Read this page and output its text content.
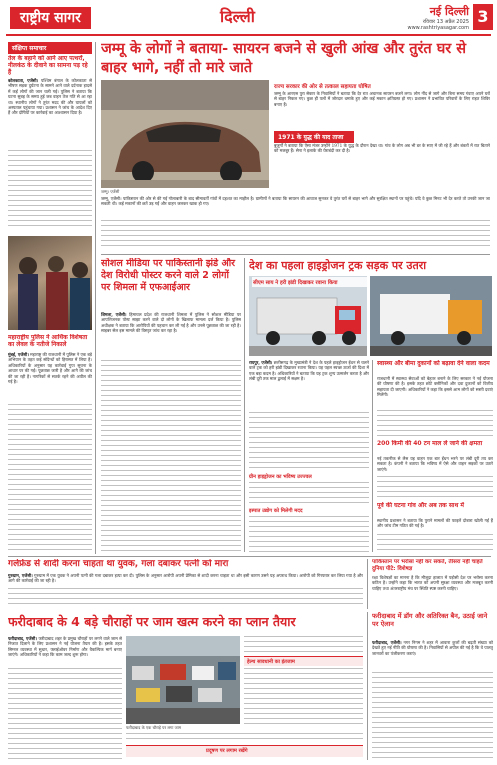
राष्ट्रीय सागर	दिल्ली	नई दिल्ली
रविवार 13 अप्रैल 2025
www.rashtriyasagar.com
3
संक्षिप्त समाचार
तेल के बहाने को आने आए पत्थरों, नीलकंठ के दीवाने का सामना पड़ रहे हैं
कोलकाता, एजेंसी। पश्चिम बंगाल के कोलकाता से भीषण सड़क दुर्घटना के सामने आने वाले दर्दनाक हादसे में कई लोगों की जान चली गई। पुलिस ने बताया कि घटना सुबह के समय हुई जब वाहन तेज गति से आ रहा था। स्थानीय लोगों ने तुरंत मदद की और घायलों को अस्पताल पहुंचाया गया। प्रशासन ने जांच के आदेश दिए हैं और दोषियों पर कार्रवाई का आश्वासन दिया है।
महाराष्ट्रीय पुलिस ने आर्थिक विशेषता का लेवल के नतीजे निकाले
मुंबई, एजेंसी। महाराष्ट्र की राजधानी में पुलिस ने एक बड़े अभियान के तहत कई संदिग्धों को हिरासत में लिया है। अधिकारियों के अनुसार यह कार्रवाई गुप्त सूचना के आधार पर की गई। पूछताछ जारी है और आगे की जांच की जा रही है। नागरिकों से सतर्क रहने की अपील की गई है।
जम्मू के लोगों ने बताया- सायरन बजने से खुली आंख और तुरंत घर से बाहर भागे, नहीं तो मारे जाते
जम्मू। एजेंसी
राज्य सरकार की ओर से तत्काल सहायता घोषित
जम्मू के आरएस पुरा सेक्टर के निवासियों ने बताया कि देर रात अचानक सायरन बजने लगा। लोग नींद से जागे और बिना समय गंवाए अपने घरों से बाहर निकल गए। कुछ ही पलों में जोरदार धमाके हुए और कई मकान क्षतिग्रस्त हो गए। प्रशासन ने प्रभावित परिवारों के लिए राहत शिविर बनाए हैं।
1971 के युद्ध की याद ताजा
बुजुर्गों ने बताया कि ऐसा मंजर उन्होंने 1971 के युद्ध के दौरान देखा था। गांव के लोग अब भी डर के साए में जी रहे हैं और बंकरों में रात बिताने को मजबूर हैं। सेना ने इलाके की घेराबंदी कर दी है।
जम्मू, एजेंसी। पाकिस्तान की ओर से की गई गोलाबारी के बाद सीमावर्ती गांवों में दहशत का माहौल है। ग्रामीणों ने बताया कि सायरन की आवाज सुनकर वे तुरंत घरों से बाहर भागे और सुरक्षित स्थानों पर पहुंचे। यदि वे कुछ मिनट भी देर करते तो उनकी जान जा सकती थी। कई मकानों की छतें उड़ गईं और वाहन जलकर खाक हो गए।
सोशल मीडिया पर पाकिस्तानी झंडे और देश विरोधी पोस्टर करने वाले 2 लोगों पर शिमला में एफआईआर
शिमला, एजेंसी। हिमाचल प्रदेश की राजधानी शिमला में पुलिस ने सोशल मीडिया पर आपत्तिजनक पोस्ट साझा करने वाले दो लोगों के खिलाफ मामला दर्ज किया है। पुलिस अधीक्षक ने बताया कि आरोपियों की पहचान कर ली गई है और उनसे पूछताछ की जा रही है। साइबर सेल इस मामले की विस्तृत जांच कर रहा है।
देश का पहला हाइड्रोजन ट्रक सड़क पर उतरा
रायपुर, एजेंसी। छत्तीसगढ़ के मुख्यमंत्री ने देश के पहले हाइड्रोजन ईंधन से चलने वाले ट्रक को हरी झंडी दिखाकर रवाना किया। यह पहल स्वच्छ ऊर्जा की दिशा में एक बड़ा कदम है। अधिकारियों ने बताया कि यह ट्रक शून्य उत्सर्जन करता है और लंबी दूरी तक माल ढुलाई में सक्षम है।
ग्रीन हाइड्रोजन का भविष्य उज्ज्वल
इस्पात उद्योग को मिलेगी मदद
स्वास्थ्य और बीमा दुकानों को बढ़ावा देने वाला कदम
राजधानी में स्वास्थ्य सेवाओं को बेहतर बनाने के लिए सरकार ने नई योजना की घोषणा की है। इसके तहत छोटे क्लीनिकों और दवा दुकानों को वित्तीय सहायता दी जाएगी। अधिकारियों ने कहा कि इससे आम लोगों को सस्ती दवाएं मिलेंगी।
200 किमी की 40 टन माल ले जाने की क्षमता
नई तकनीक से लैस यह वाहन एक बार ईंधन भरने पर लंबी दूरी तय कर सकता है। कंपनी ने बताया कि भविष्य में ऐसे और वाहन सड़कों पर उतारे जाएंगे।
पूर्व की घटना गांव और अब तक साथ में
स्थानीय प्रशासन ने बताया कि पुराने मामलों की फाइलें दोबारा खोली गई हैं और जांच टीम गठित की गई है।
गर्लफ्रेंड से शादी करना चाहता था युवक, गला दबाकर पत्नी को मारा
गुरुग्राम, एजेंसी। गुरुग्राम में एक युवक ने अपनी पत्नी की गला दबाकर हत्या कर दी। पुलिस के अनुसार आरोपी अपनी प्रेमिका से शादी करना चाहता था और इसी कारण उसने यह अपराध किया। आरोपी को गिरफ्तार कर लिया गया है और आगे की कार्रवाई की जा रही है।
पाकिस्तान पर भरोसा नहीं कर सकते, तीसरा नहीं चाहते दुनिया पीटे: विशेषज्ञ
रक्षा विशेषज्ञों का मानना है कि मौजूदा हालात में पड़ोसी देश पर भरोसा करना कठिन है। उन्होंने कहा कि भारत को अपनी सुरक्षा व्यवस्था और मजबूत करनी चाहिए तथा अंतरराष्ट्रीय मंच पर स्थिति स्पष्ट करनी चाहिए।
फरीदाबाद के 4 बड़े चौराहों पर जाम खत्म करने का प्लान तैयार
फरीदाबाद, एजेंसी। फरीदाबाद शहर के प्रमुख चौराहों पर लगने वाले जाम से निजात दिलाने के लिए प्रशासन ने नई योजना तैयार की है। इसके तहत सिग्नल व्यवस्था में सुधार, फ्लाईओवर निर्माण और वैकल्पिक मार्ग बनाए जाएंगे। अधिकारियों ने कहा कि काम जल्द शुरू होगा।
फरीदाबाद के एक चौराहे पर लगा जाम
हेल्थ सावधानी का इंतजाम
प्रदूषण पर लगाम रखेंगे
फरीदाबाद में डॉग और अतिरिक्त बैन, उठाई जाने पर ऐलान
फरीदाबाद, एजेंसी। नगर निगम ने शहर में आवारा कुत्तों की बढ़ती संख्या को देखते हुए नई नीति की घोषणा की है। निवासियों से अपील की गई है कि वे पालतू जानवरों का पंजीकरण कराएं।
सीएम साय ने हरी झंडी दिखाकर रवाना किया
